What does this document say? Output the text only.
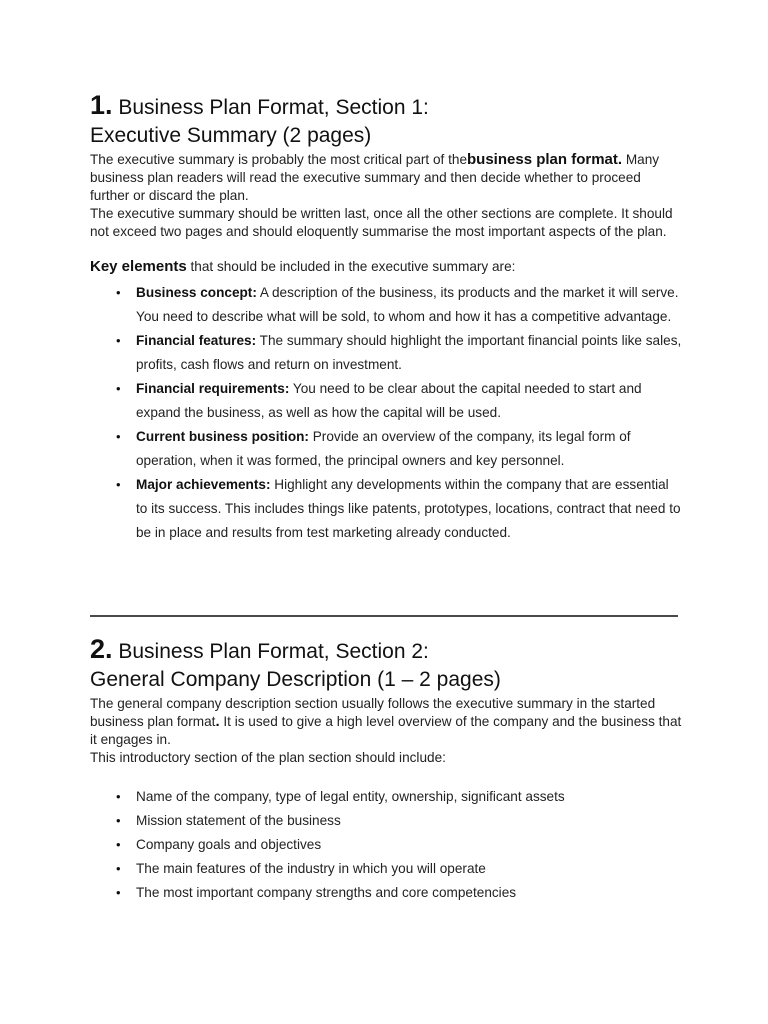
1. Business Plan Format, Section 1:
Executive Summary (2 pages)

The executive summary is probably the most critical part of thebusiness plan format. Many business plan readers will read the executive summary and then decide whether to proceed further or discard the plan.

The executive summary should be written last, once all the other sections are complete. It should not exceed two pages and should eloquently summarise the most important aspects of the plan.

Key elements that should be included in the executive summary are:

• Business concept: A description of the business, its products and the market it will serve. You need to describe what will be sold, to whom and how it has a competitive advantage.
• Financial features: The summary should highlight the important financial points like sales, profits, cash flows and return on investment.
• Financial requirements: You need to be clear about the capital needed to start and expand the business, as well as how the capital will be used.
• Current business position: Provide an overview of the company, its legal form of operation, when it was formed, the principal owners and key personnel.
• Major achievements: Highlight any developments within the company that are essential to its success. This includes things like patents, prototypes, locations, contract that need to be in place and results from test marketing already conducted.
2. Business Plan Format, Section 2:
General Company Description (1 – 2 pages)

The general company description section usually follows the executive summary in the started business plan format. It is used to give a high level overview of the company and the business that it engages in.

This introductory section of the plan section should include:

• Name of the company, type of legal entity, ownership, significant assets
• Mission statement of the business
• Company goals and objectives
• The main features of the industry in which you will operate
• The most important company strengths and core competencies
